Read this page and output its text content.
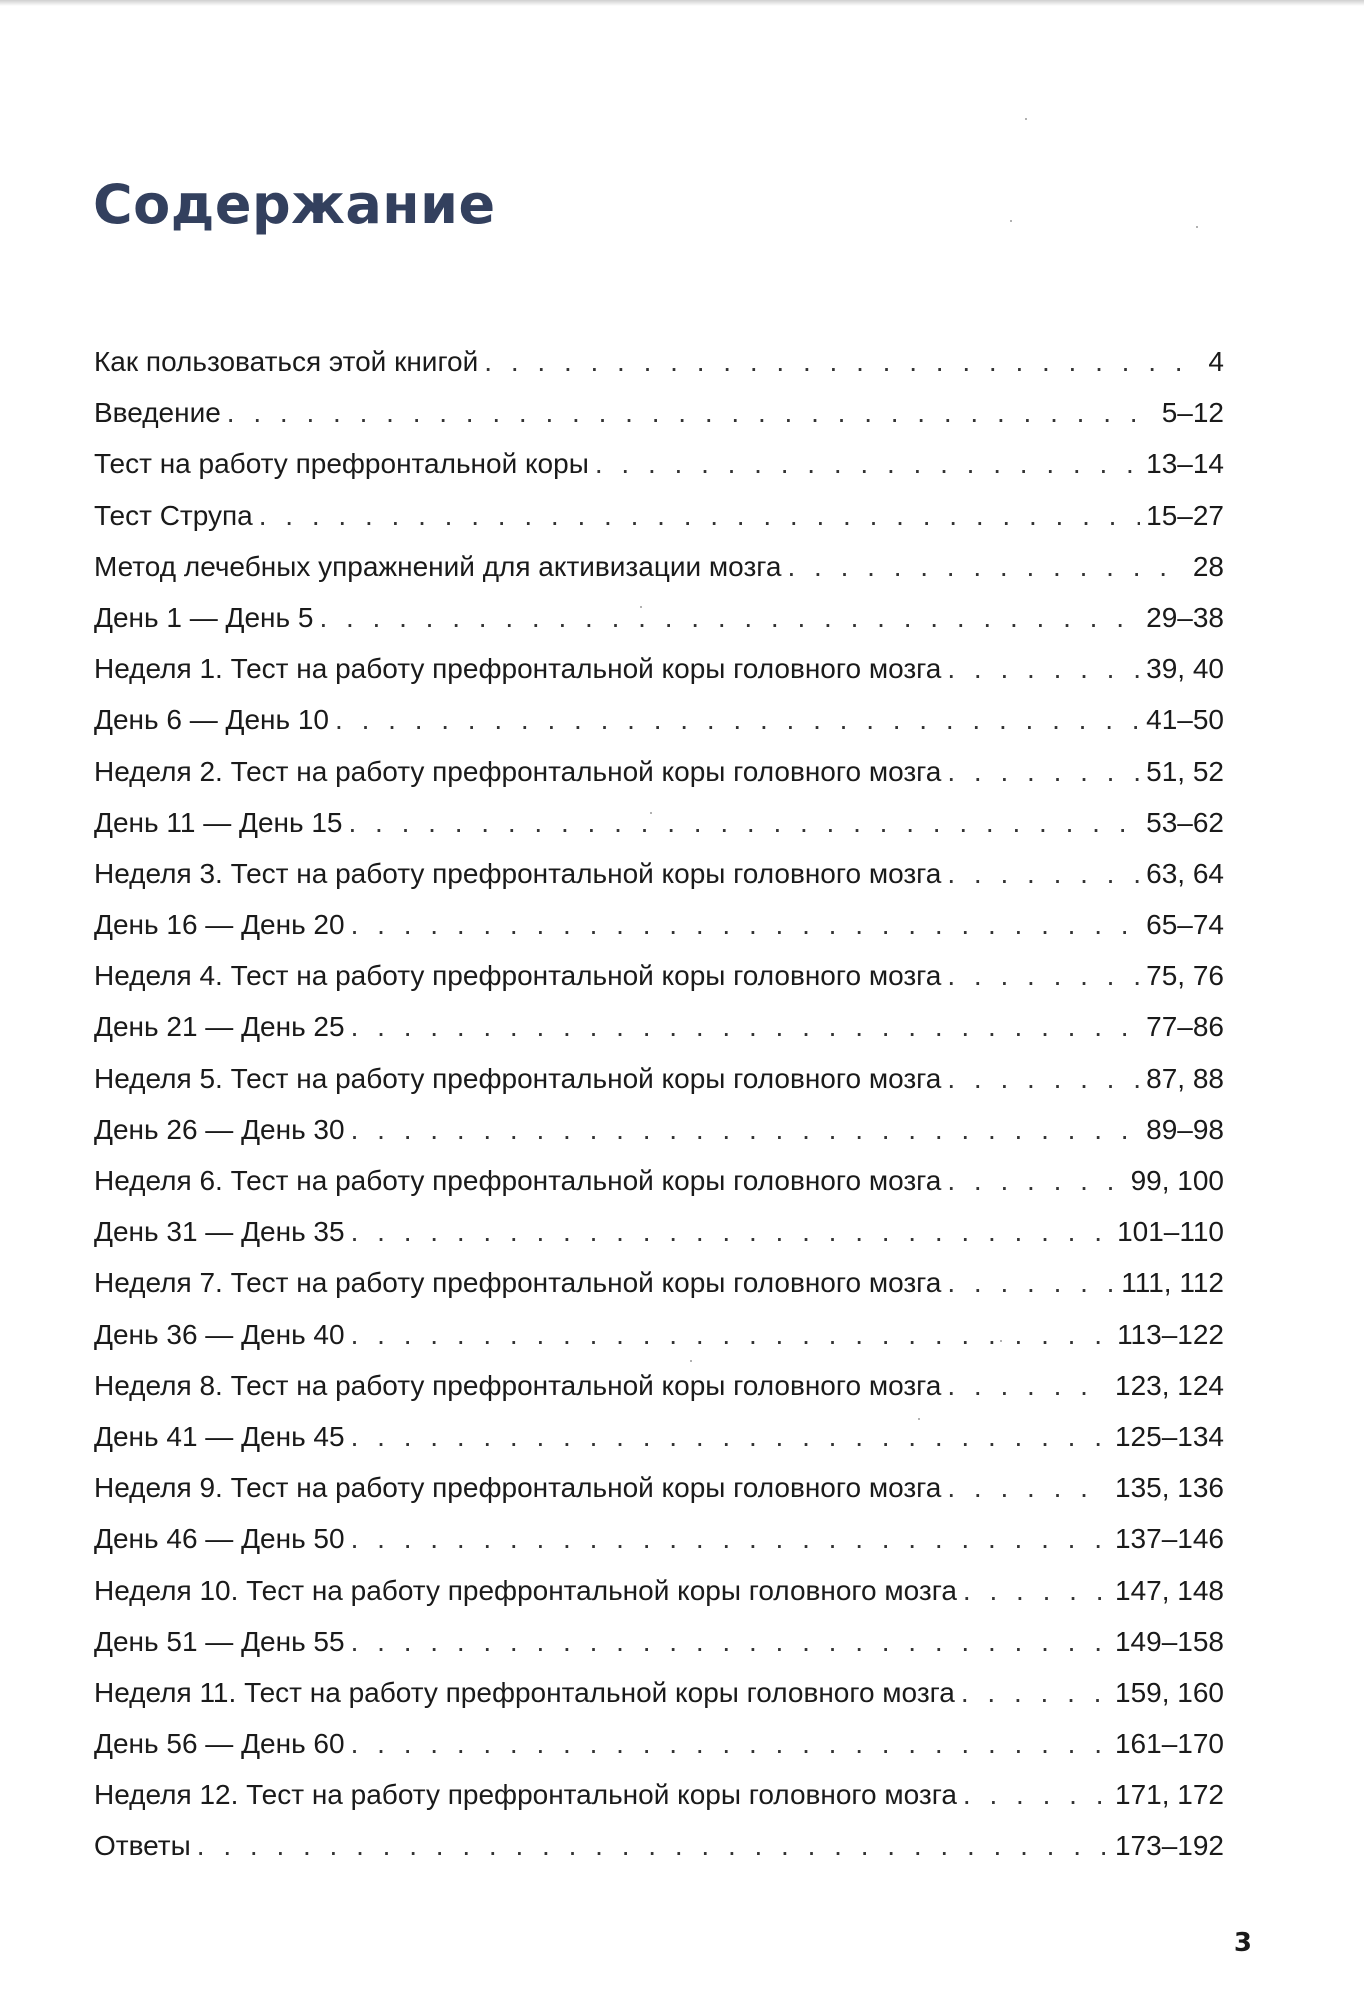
Содержание
Как пользоваться этой книгой . . .	4
Введение . . .	5–12
Тест на работу префронтальной коры . . .	13–14
Тест Струпа . . .	15–27
Метод лечебных упражнений для активизации мозга . . .	28
День 1 — День 5 . . .	29–38
Неделя 1. Тест на работу префронтальной коры головного мозга . . .	39, 40
День 6 — День 10 . . .	41–50
Неделя 2. Тест на работу префронтальной коры головного мозга . . .	51, 52
День 11 — День 15 . . .	53–62
Неделя 3. Тест на работу префронтальной коры головного мозга . . .	63, 64
День 16 — День 20 . . .	65–74
Неделя 4. Тест на работу префронтальной коры головного мозга . . .	75, 76
День 21 — День 25 . . .	77–86
Неделя 5. Тест на работу префронтальной коры головного мозга . . .	87, 88
День 26 — День 30 . . .	89–98
Неделя 6. Тест на работу префронтальной коры головного мозга . . .	99, 100
День 31 — День 35 . . .	101–110
Неделя 7. Тест на работу префронтальной коры головного мозга . . .	111, 112
День 36 — День 40 . . .	113–122
Неделя 8. Тест на работу префронтальной коры головного мозга . . .	123, 124
День 41 — День 45 . . .	125–134
Неделя 9. Тест на работу префронтальной коры головного мозга . . .	135, 136
День 46 — День 50 . . .	137–146
Неделя 10. Тест на работу префронтальной коры головного мозга . . .	147, 148
День 51 — День 55 . . .	149–158
Неделя 11. Тест на работу префронтальной коры головного мозга . . .	159, 160
День 56 — День 60 . . .	161–170
Неделя 12. Тест на работу префронтальной коры головного мозга . . .	171, 172
Ответы . . .	173–192
3
